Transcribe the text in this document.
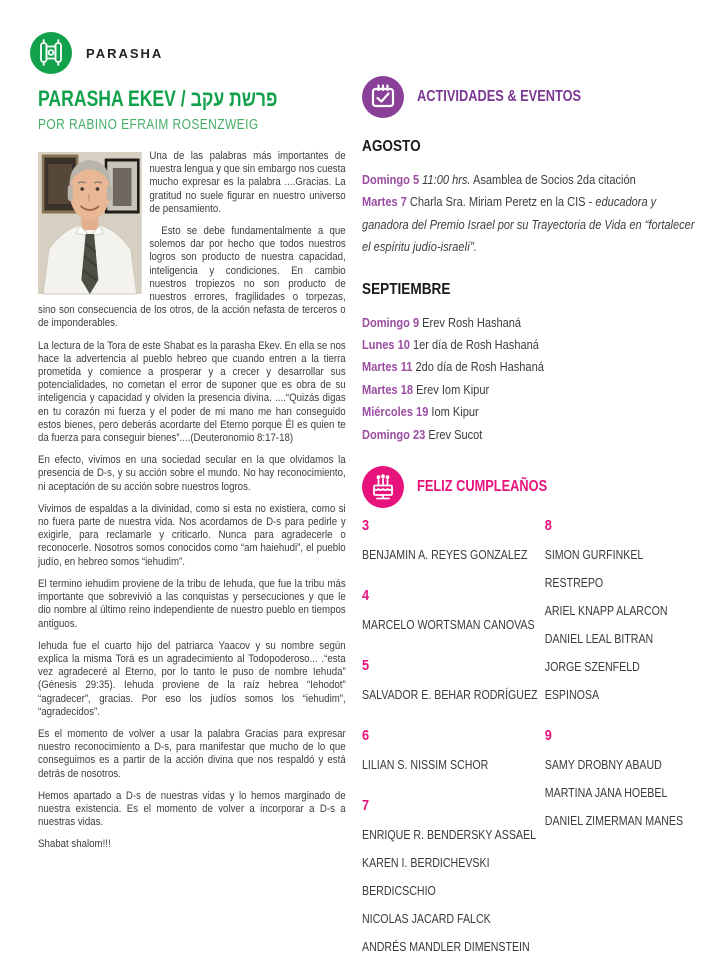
PARASHA
PARASHA EKEV / פרשת עקב
POR RABINO EFRAIM ROSENZWEIG

Una de las palabras más importantes de nuestra lengua y que sin embargo nos cuesta mucho expresar es la palabra ....Gracias. La gratitud no suele figurar en nuestro universo de pensamiento.

Esto se debe fundamentalmente a que solemos dar por hecho que todos nuestros logros son producto de nuestra capacidad, inteligencia y condiciones. En cambio nuestros tropiezos no son producto de nuestros errores, fragilidades o torpezas, sino son consecuencia de los otros, de la acción nefasta de terceros o de imponderables.

La lectura de la Tora de este Shabat es la parasha Ekev. En ella se nos hace la advertencia al pueblo hebreo que cuando entren a la tierra prometida y comience a prosperar y a crecer y desarrollar sus potencialidades, no cometan el error de suponer que es obra de su inteligencia y capacidad y olviden la presencia divina. ....“Quizás digas en tu corazón mi fuerza y el poder de mi mano me han conseguido estos bienes, pero deberás acordarte del Eterno porque Él es quien te da fuerza para conseguir bienes”....(Deuteronomio 8:17-18)

En efecto, vivimos en una sociedad secular en la que olvidamos la presencia de D-s, y su acción sobre el mundo. No hay reconocimiento, ni aceptación de su acción sobre nuestros logros.

Vivimos de espaldas a la divinidad, como si esta no existiera, como si no fuera parte de nuestra vida. Nos acordamos de D-s para pedirle y exigirle, para reclamarle y criticarlo. Nunca para agradecerle o reconocerle. Nosotros somos conocidos como “am haiehudi”, el pueblo judío, en hebreo somos “iehudim”.

El termino iehudim proviene de la tribu de Iehuda, que fue la tribu más importante que sobrevivió a las conquistas y persecuciones y que le dio nombre al último reino independiente de nuestro pueblo en tiempos antiguos.

Iehuda fue el cuarto hijo del patriarca Yaacov y su nombre según explica la misma Torá es un agradecimiento al Todopoderoso... .“esta vez agradeceré al Eterno, por lo tanto le puso de nombre Iehuda” (Génesis 29:35). Iehuda proviene de la raíz hebrea “Iehodot” “agradecer”, gracias. Por eso los judíos somos los “iehudim”, “agradecidos”.

Es el momento de volver a usar la palabra Gracias para expresar nuestro reconocimiento a D-s, para manifestar que mucho de lo que conseguimos es a partir de la acción divina que nos respaldó y está detrás de nosotros.

Hemos apartado a D-s de nuestras vidas y lo hemos marginado de nuestra existencia. Es el momento de volver a incorporar a D-s a nuestras vidas.

Shabat shalom!!!

ACTIVIDADES & EVENTOS
AGOSTO
Domingo 5 11:00 hrs. Asamblea de Socios 2da citación
Martes 7 Charla Sra. Miriam Peretz en la CIS - educadora y ganadora del Premio Israel por su Trayectoria de Vida en “fortalecer el espíritu judío-israelí”.
SEPTIEMBRE
Domingo 9 Erev Rosh Hashaná
Lunes 10 1er día de Rosh Hashaná
Martes 11 2do día de Rosh Hashaná
Martes 18 Erev Iom Kipur
Miércoles 19 Iom Kipur
Domingo 23 Erev Sucot
FELIZ CUMPLEAÑOS
3
BENJAMIN A. REYES GONZALEZ
4
MARCELO WORTSMAN CANOVAS
5
SALVADOR E. BEHAR RODRÍGUEZ
6
LILIAN S. NISSIM SCHOR
7
ENRIQUE R. BENDERSKY ASSAEL
KAREN I. BERDICHEVSKI BERDICSCHIO
NICOLAS JACARD FALCK
ANDRÉS MANDLER DIMENSTEIN
8
SIMON GURFINKEL RESTREPO
ARIEL KNAPP ALARCON
DANIEL LEAL BITRAN
JORGE SZENFELD ESPINOSA
9
SAMY DROBNY ABAUD
MARTINA JANA HOEBEL
DANIEL ZIMERMAN MANES
